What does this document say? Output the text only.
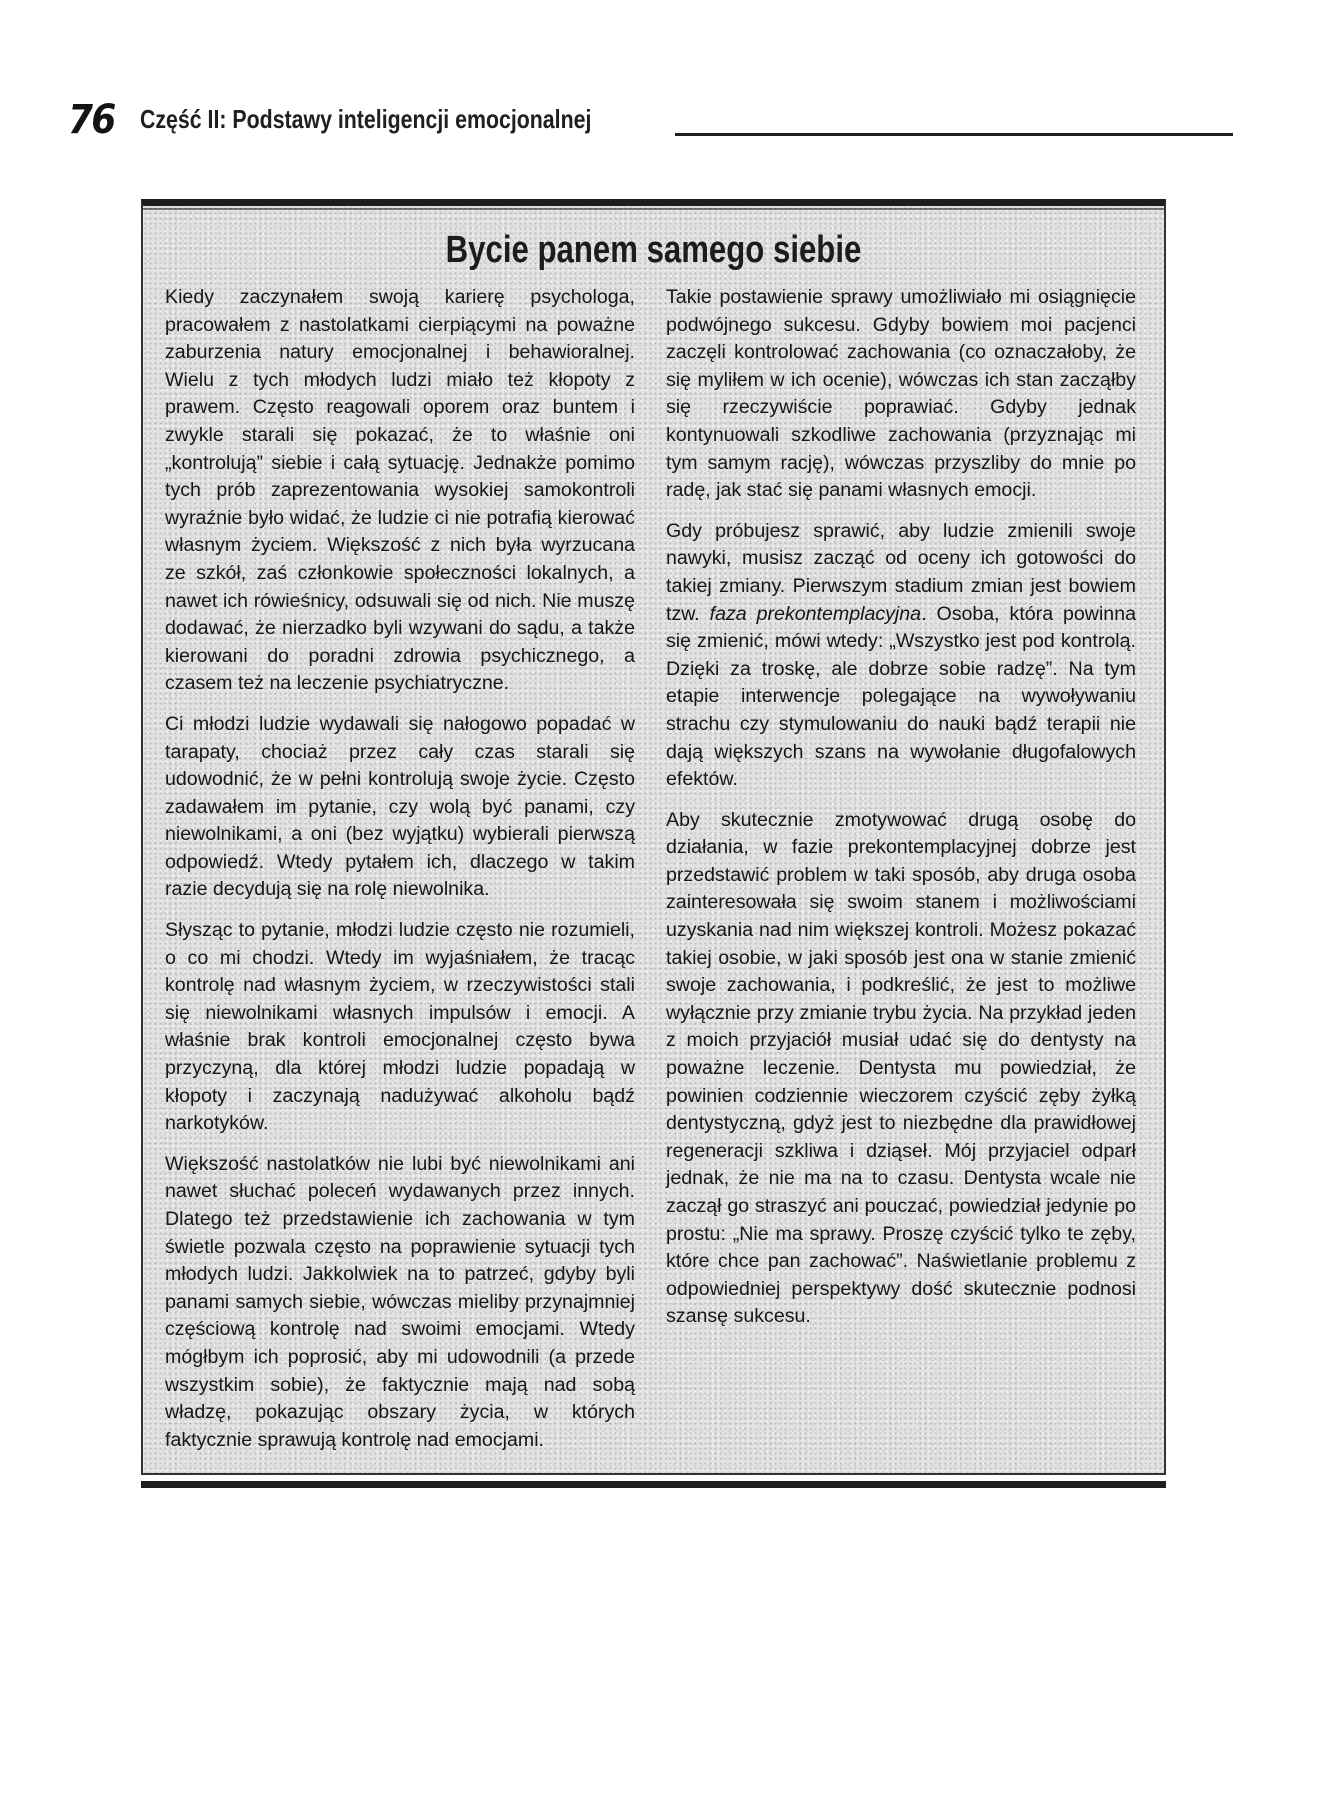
76 Część II: Podstawy inteligencji emocjonalnej
Bycie panem samego siebie

Kiedy zaczynałem swoją karierę psychologa, pracowałem z nastolatkami cierpiącymi na poważne zaburzenia natury emocjonalnej i behawioralnej. Wielu z tych młodych ludzi miało też kłopoty z prawem. Często reagowali oporem oraz buntem i zwykle starali się pokazać, że to właśnie oni „kontrolują” siebie i całą sytuację. Jednakże pomimo tych prób zaprezentowania wysokiej samokontroli wyraźnie było widać, że ludzie ci nie potrafią kierować własnym życiem. Większość z nich była wyrzucana ze szkół, zaś członkowie społeczności lokalnych, a nawet ich rówieśnicy, odsuwali się od nich. Nie muszę dodawać, że nierzadko byli wzywani do sądu, a także kierowani do poradni zdrowia psychicznego, a czasem też na leczenie psychiatryczne.

Ci młodzi ludzie wydawali się nałogowo popadać w tarapaty, chociaż przez cały czas starali się udowodnić, że w pełni kontrolują swoje życie. Często zadawałem im pytanie, czy wolą być panami, czy niewolnikami, a oni (bez wyjątku) wybierali pierwszą odpowiedź. Wtedy pytałem ich, dlaczego w takim razie decydują się na rolę niewolnika.

Słysząc to pytanie, młodzi ludzie często nie rozumieli, o co mi chodzi. Wtedy im wyjaśniałem, że tracąc kontrolę nad własnym życiem, w rzeczywistości stali się niewolnikami własnych impulsów i emocji. A właśnie brak kontroli emocjonalnej często bywa przyczyną, dla której młodzi ludzie popadają w kłopoty i zaczynają nadużywać alkoholu bądź narkotyków.

Większość nastolatków nie lubi być niewolnikami ani nawet słuchać poleceń wydawanych przez innych. Dlatego też przedstawienie ich zachowania w tym świetle pozwala często na poprawienie sytuacji tych młodych ludzi. Jakkolwiek na to patrzeć, gdyby byli panami samych siebie, wówczas mieliby przynajmniej częściową kontrolę nad swoimi emocjami. Wtedy mógłbym ich poprosić, aby mi udowodnili (a przede wszystkim sobie), że faktycznie mają nad sobą władzę, pokazując obszary życia, w których faktycznie sprawują kontrolę nad emocjami.

Takie postawienie sprawy umożliwiało mi osiągnięcie podwójnego sukcesu. Gdyby bowiem moi pacjenci zaczęli kontrolować zachowania (co oznaczałoby, że się myliłem w ich ocenie), wówczas ich stan zacząłby się rzeczywiście poprawiać. Gdyby jednak kontynuowali szkodliwe zachowania (przyznając mi tym samym rację), wówczas przyszliby do mnie po radę, jak stać się panami własnych emocji.

Gdy próbujesz sprawić, aby ludzie zmienili swoje nawyki, musisz zacząć od oceny ich gotowości do takiej zmiany. Pierwszym stadium zmian jest bowiem tzw. faza prekontemplacyjna. Osoba, która powinna się zmienić, mówi wtedy: „Wszystko jest pod kontrolą. Dzięki za troskę, ale dobrze sobie radzę”. Na tym etapie interwencje polegające na wywoływaniu strachu czy stymulowaniu do nauki bądź terapii nie dają większych szans na wywołanie długofalowych efektów.

Aby skutecznie zmotywować drugą osobę do działania, w fazie prekontemplacyjnej dobrze jest przedstawić problem w taki sposób, aby druga osoba zainteresowała się swoim stanem i możliwościami uzyskania nad nim większej kontroli. Możesz pokazać takiej osobie, w jaki sposób jest ona w stanie zmienić swoje zachowania, i podkreślić, że jest to możliwe wyłącznie przy zmianie trybu życia. Na przykład jeden z moich przyjaciół musiał udać się do dentysty na poważne leczenie. Dentysta mu powiedział, że powinien codziennie wieczorem czyścić zęby żyłką dentystyczną, gdyż jest to niezbędne dla prawidłowej regeneracji szkliwa i dziąseł. Mój przyjaciel odparł jednak, że nie ma na to czasu. Dentysta wcale nie zaczął go straszyć ani pouczać, powiedział jedynie po prostu: „Nie ma sprawy. Proszę czyścić tylko te zęby, które chce pan zachować”. Naświetlanie problemu z odpowiedniej perspektywy dość skutecznie podnosi szansę sukcesu.
